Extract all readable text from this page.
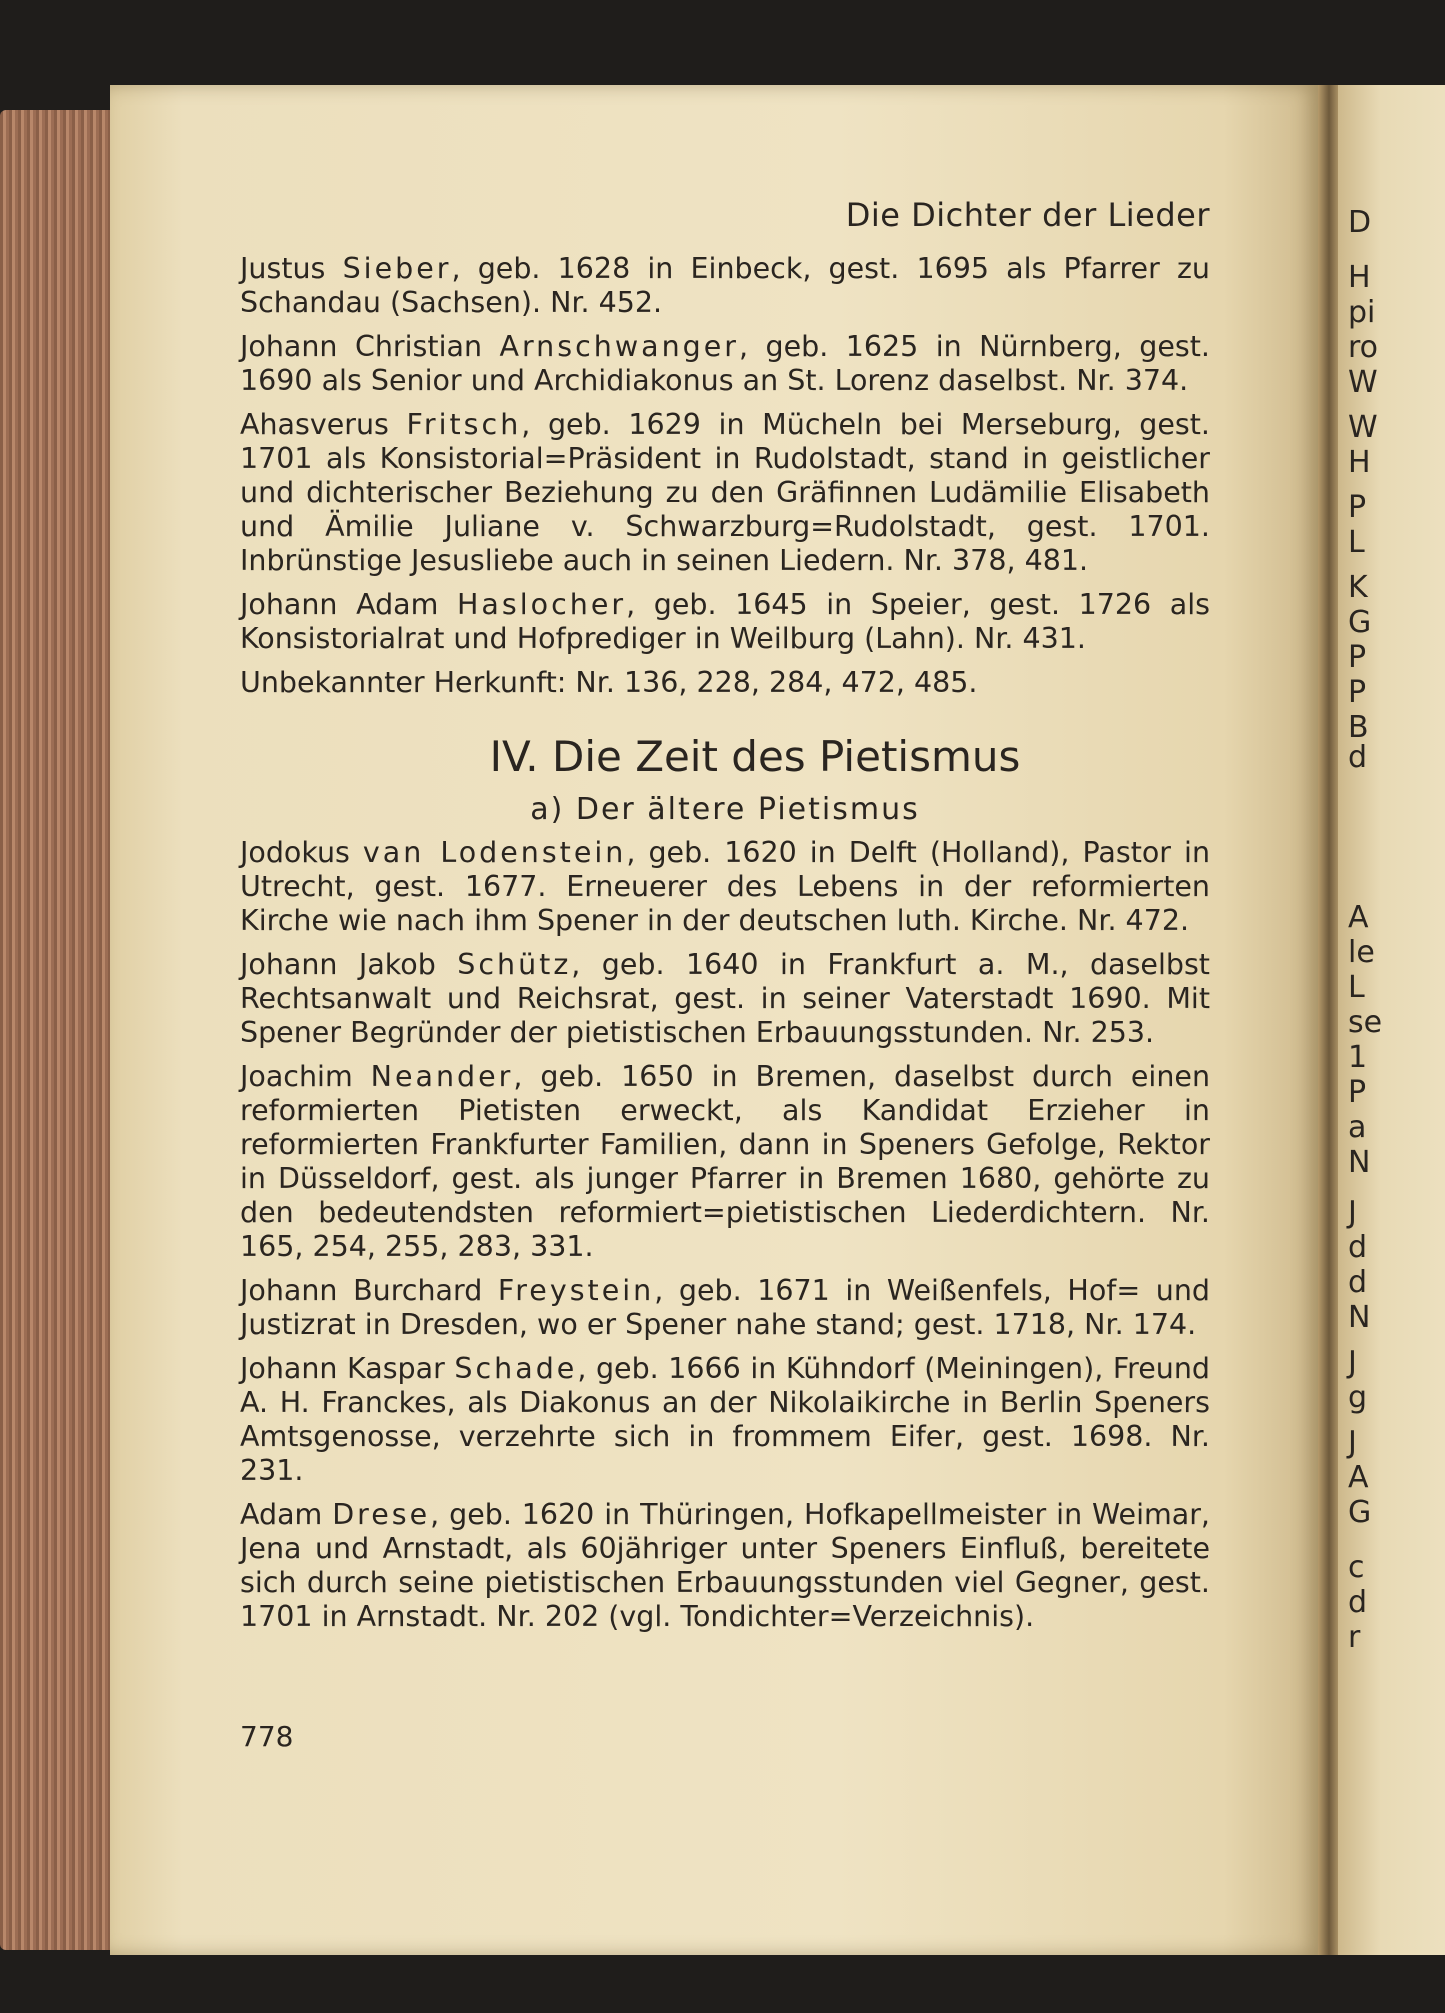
D
H
pi
ro
W
W
H
P
L
K
G
P
P
B
d
A
le
L
se
1
P
a
N
J
d
d
N
J
g
J
A
G
c
d
r
Die Dichter der Lieder

Justus Sieber, geb. 1628 in Einbeck, gest. 1695 als Pfarrer zu Schandau (Sachsen). Nr. 452.

Johann Christian Arnschwanger, geb. 1625 in Nürnberg, gest. 1690 als Senior und Archidiakonus an St. Lorenz daselbst. Nr. 374.

Ahasverus Fritsch, geb. 1629 in Mücheln bei Merseburg, gest. 1701 als Konsistorial=Präsident in Rudolstadt, stand in geistlicher und dichterischer Beziehung zu den Gräfinnen Ludämilie Elisabeth und Ämilie Juliane v. Schwarzburg=Rudolstadt, gest. 1701. Inbrünstige Jesusliebe auch in seinen Liedern. Nr. 378, 481.

Johann Adam Haslocher, geb. 1645 in Speier, gest. 1726 als Konsistorialrat und Hofprediger in Weilburg (Lahn). Nr. 431.

Unbekannter Herkunft: Nr. 136, 228, 284, 472, 485.

IV. Die Zeit des Pietismus
a) Der ältere Pietismus

Jodokus van Lodenstein, geb. 1620 in Delft (Holland), Pastor in Utrecht, gest. 1677. Erneuerer des Lebens in der reformierten Kirche wie nach ihm Spener in der deutschen luth. Kirche. Nr. 472.

Johann Jakob Schütz, geb. 1640 in Frankfurt a. M., daselbst Rechtsanwalt und Reichsrat, gest. in seiner Vaterstadt 1690. Mit Spener Begründer der pietistischen Erbauungsstunden. Nr. 253.

Joachim Neander, geb. 1650 in Bremen, daselbst durch einen reformierten Pietisten erweckt, als Kandidat Erzieher in reformierten Frankfurter Familien, dann in Speners Gefolge, Rektor in Düsseldorf, gest. als junger Pfarrer in Bremen 1680, gehörte zu den bedeutendsten reformiert=pietistischen Liederdichtern. Nr. 165, 254, 255, 283, 331.

Johann Burchard Freystein, geb. 1671 in Weißenfels, Hof= und Justizrat in Dresden, wo er Spener nahe stand; gest. 1718, Nr. 174.

Johann Kaspar Schade, geb. 1666 in Kühndorf (Meiningen), Freund A. H. Franckes, als Diakonus an der Nikolaikirche in Berlin Speners Amtsgenosse, verzehrte sich in frommem Eifer, gest. 1698. Nr. 231.

Adam Drese, geb. 1620 in Thüringen, Hofkapellmeister in Weimar, Jena und Arnstadt, als 60jähriger unter Speners Einfluß, bereitete sich durch seine pietistischen Erbauungsstunden viel Gegner, gest. 1701 in Arnstadt. Nr. 202 (vgl. Tondichter=Verzeichnis).

778
